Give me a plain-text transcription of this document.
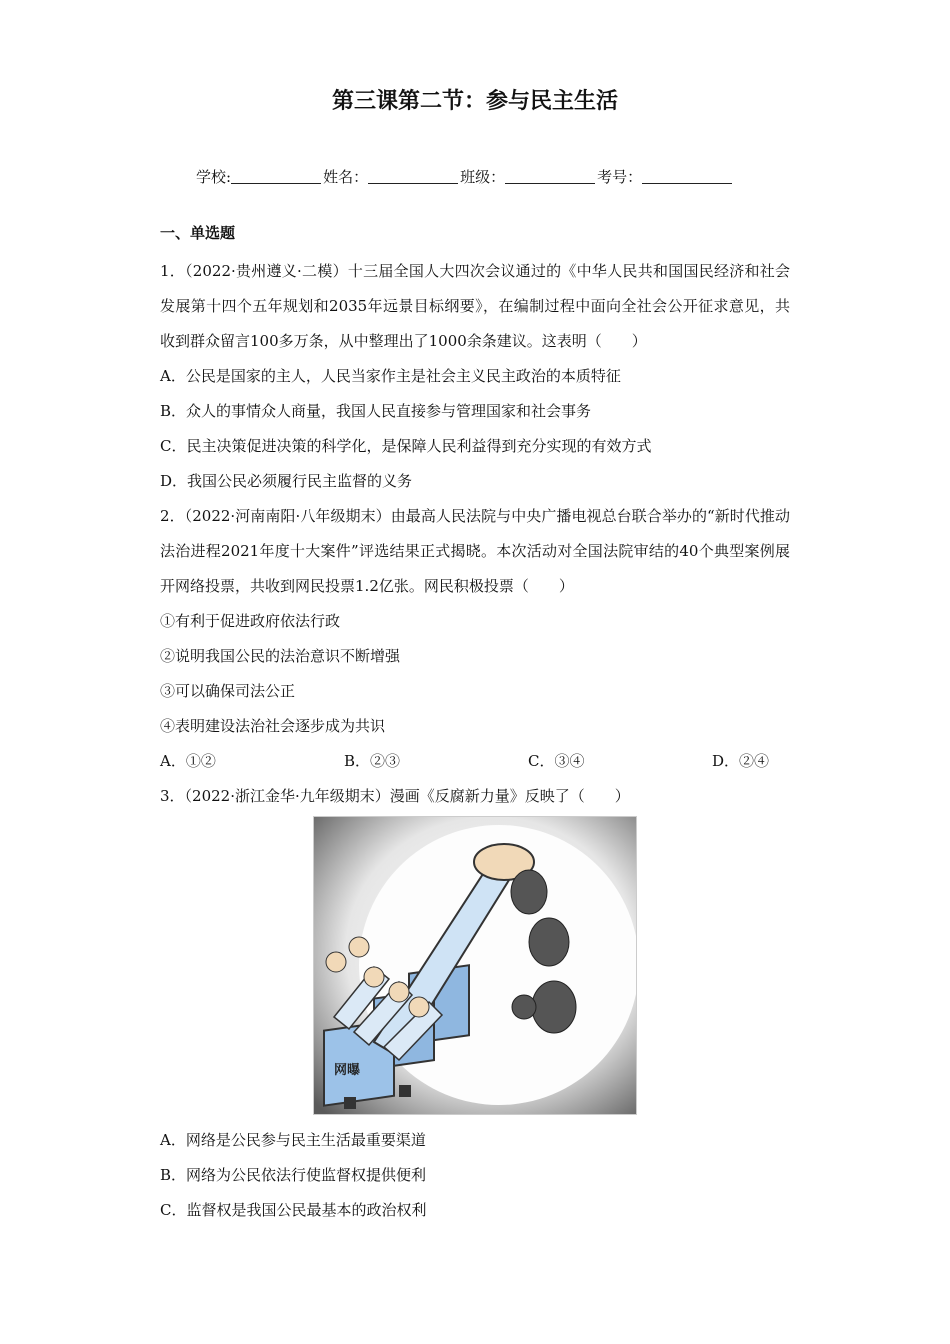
第三课第二节：参与民主生活
学校:	姓名：	班级：	考号：
一、单选题
1．（2022·贵州遵义·二模）十三届全国人大四次会议通过的《中华人民共和国国民经济和社会发展第十四个五年规划和2035年远景目标纲要》，在编制过程中面向全社会公开征求意见，共收到群众留言100多万条，从中整理出了1000余条建议。这表明（　　）
A．公民是国家的主人，人民当家作主是社会主义民主政治的本质特征
B．众人的事情众人商量，我国人民直接参与管理国家和社会事务
C．民主决策促进决策的科学化，是保障人民利益得到充分实现的有效方式
D．我国公民必须履行民主监督的义务
2．（2022·河南南阳·八年级期末）由最高人民法院与中央广播电视总台联合举办的“新时代推动法治进程2021年度十大案件”评选结果正式揭晓。本次活动对全国法院审结的40个典型案例展开网络投票，共收到网民投票1.2亿张。网民积极投票（　　）
①有利于促进政府依法行政
②说明我国公民的法治意识不断增强
③可以确保司法公正
④表明建设法治社会逐步成为共识
A．①②	B．②③	C．③④	D．②④
3．（2022·浙江金华·九年级期末）漫画《反腐新力量》反映了（　　）
网曝
A．网络是公民参与民主生活最重要渠道
B．网络为公民依法行使监督权提供便利
C．监督权是我国公民最基本的政治权利
